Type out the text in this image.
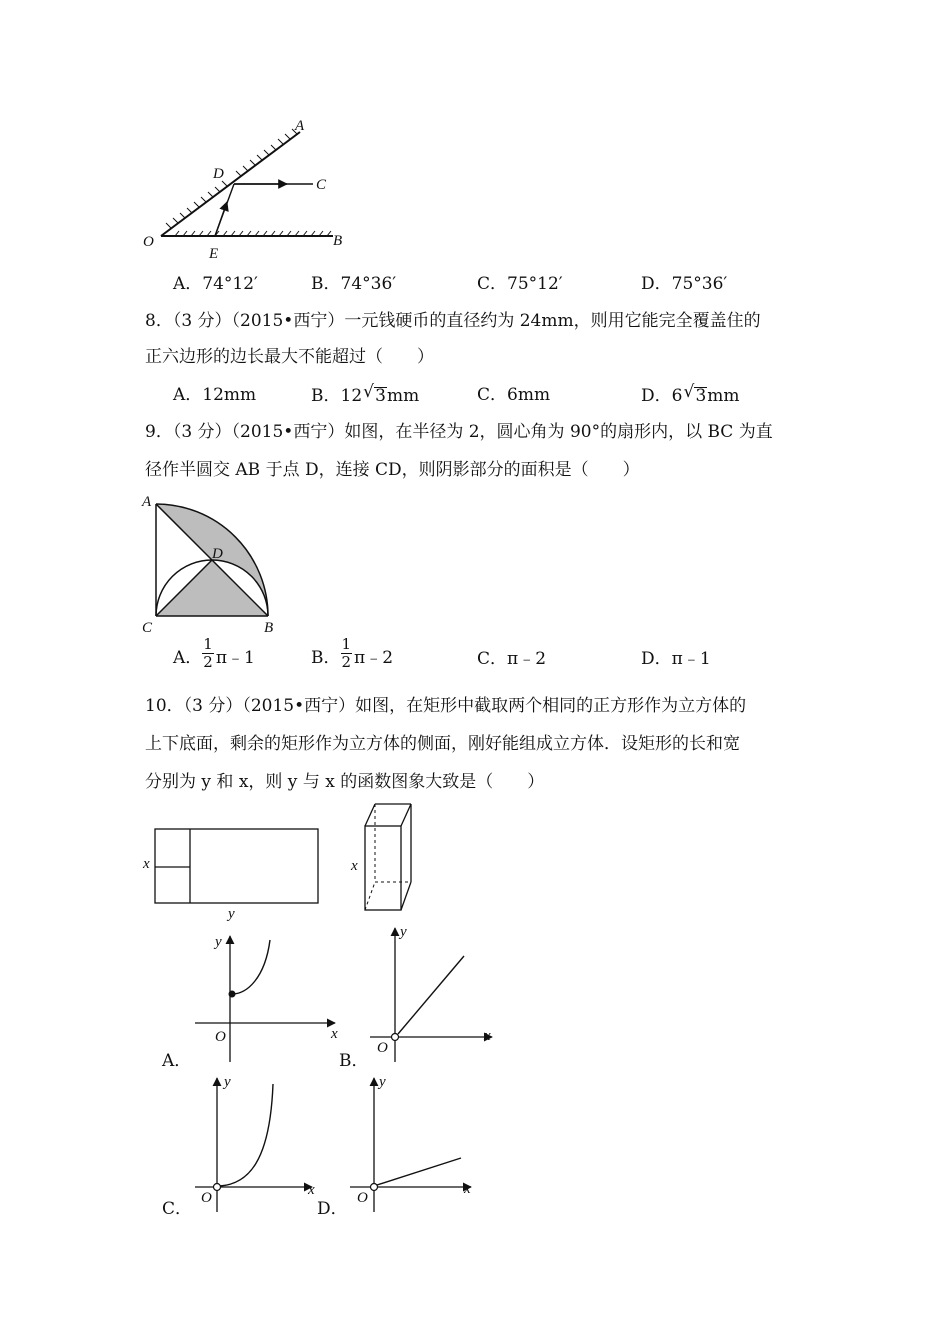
A
D
C
O
E
B
A．74°12′	B．74°36′	C．75°12′	D．75°36′
8．（3 分）（2015•西宁）一元钱硬币的直径约为 24mm，则用它能完全覆盖住的
正六边形的边长最大不能超过（　　）
A．12mm	B．12 √ 3mm	C．6mm	D．6 √ 3mm
9．（3 分）（2015•西宁）如图，在半径为 2，圆心角为 90°的扇形内，以 BC 为直
径作半圆交 AB 于点 D，连接 CD，则阴影部分的面积是（　　）
A
D
C	B
A． $\frac{1}{2}$ π﹣1	B． $\frac{1}{2}$ π﹣2	C．π﹣2	D．π﹣1
10．（3 分）（2015•西宁）如图，在矩形中截取两个相同的正方形作为立方体的
上下底面，剩余的矩形作为立方体的侧面，刚好能组成立方体．设矩形的长和宽
分别为 y 和 x，则 y 与 x 的函数图象大致是（　　）
x
y
x
y
x
O
A．
y
x
O
B．
y
x
O
C．
y
x
O
D．
